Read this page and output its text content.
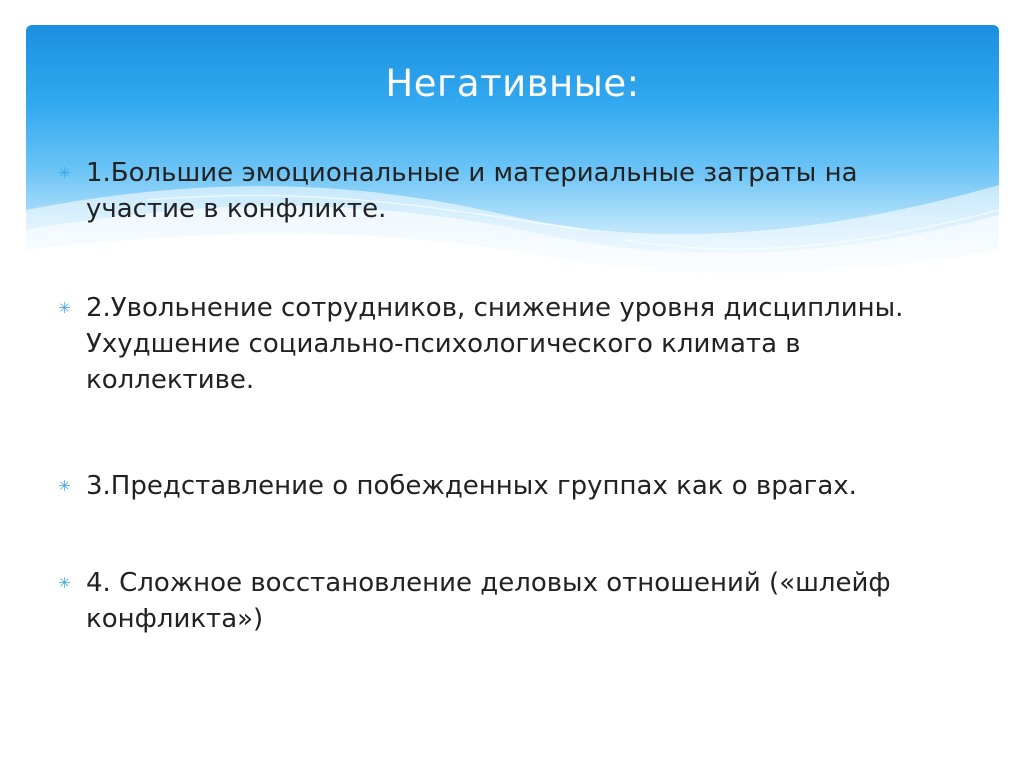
Негативные:
✳ 1.Большие эмоциональные и материальные затраты на участие в конфликте.
✳ 2.Увольнение сотрудников, снижение уровня дисциплины. Ухудшение социально-психологического климата в коллективе.
✳ 3.Представление о побежденных группах как о врагах.
✳ 4. Сложное восстановление деловых отношений («шлейф конфликта»)
